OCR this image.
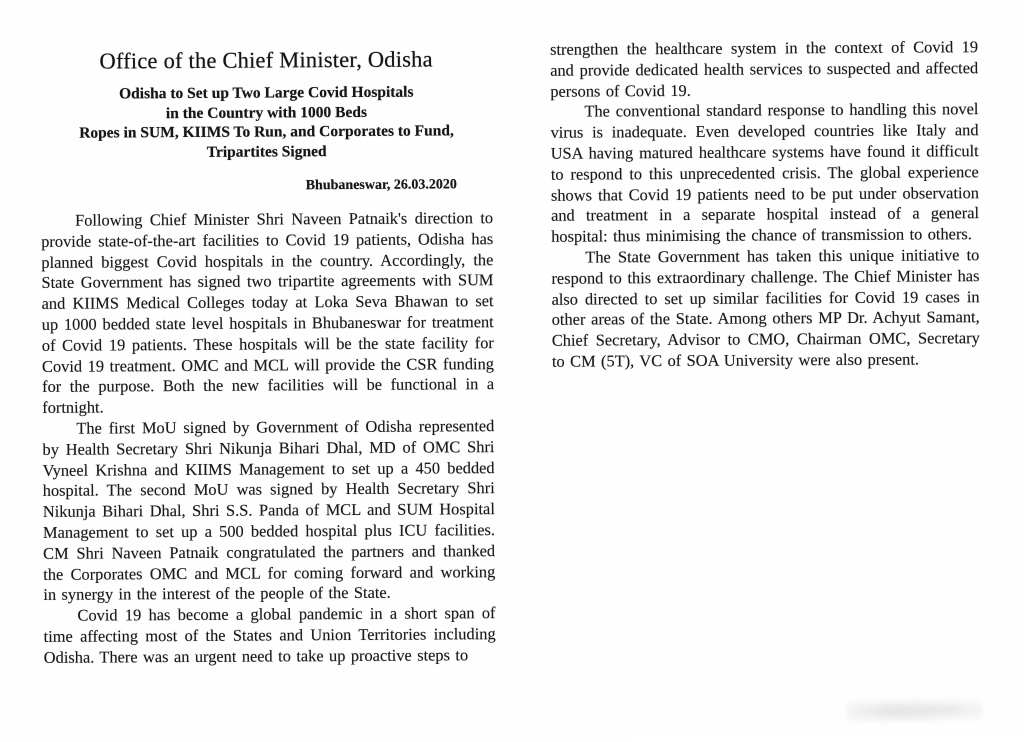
Office of the Chief Minister, Odisha
Odisha to Set up Two Large Covid Hospitals
in the Country with 1000 Beds
Ropes in SUM, KIIMS To Run, and Corporates to Fund,
Tripartites Signed
Bhubaneswar, 26.03.2020

Following Chief Minister Shri Naveen Patnaik's direction to provide state-of-the-art facilities to Covid 19 patients, Odisha has planned biggest Covid hospitals in the country. Accordingly, the State Government has signed two tripartite agreements with SUM and KIIMS Medical Colleges today at Loka Seva Bhawan to set up 1000 bedded state level hospitals in Bhubaneswar for treatment of Covid 19 patients. These hospitals will be the state facility for Covid 19 treatment. OMC and MCL will provide the CSR funding for the purpose. Both the new facilities will be functional in a fortnight.

The first MoU signed by Government of Odisha represented by Health Secretary Shri Nikunja Bihari Dhal, MD of OMC Shri Vyneel Krishna and KIIMS Management to set up a 450 bedded hospital. The second MoU was signed by Health Secretary Shri Nikunja Bihari Dhal, Shri S.S. Panda of MCL and SUM Hospital Management to set up a 500 bedded hospital plus ICU facilities. CM Shri Naveen Patnaik congratulated the partners and thanked the Corporates OMC and MCL for coming forward and working in synergy in the interest of the people of the State.

Covid 19 has become a global pandemic in a short span of time affecting most of the States and Union Territories including Odisha. There was an urgent need to take up proactive steps to

strengthen the healthcare system in the context of Covid 19 and provide dedicated health services to suspected and affected persons of Covid 19.

The conventional standard response to handling this novel virus is inadequate. Even developed countries like Italy and USA having matured healthcare systems have found it difficult to respond to this unprecedented crisis. The global experience shows that Covid 19 patients need to be put under observation and treatment in a separate hospital instead of a general hospital: thus minimising the chance of transmission to others.

The State Government has taken this unique initiative to respond to this extraordinary challenge. The Chief Minister has also directed to set up similar facilities for Covid 19 cases in other areas of the State. Among others MP Dr. Achyut Samant, Chief Secretary, Advisor to CMO, Chairman OMC, Secretary to CM (5T), VC of SOA University were also present.
